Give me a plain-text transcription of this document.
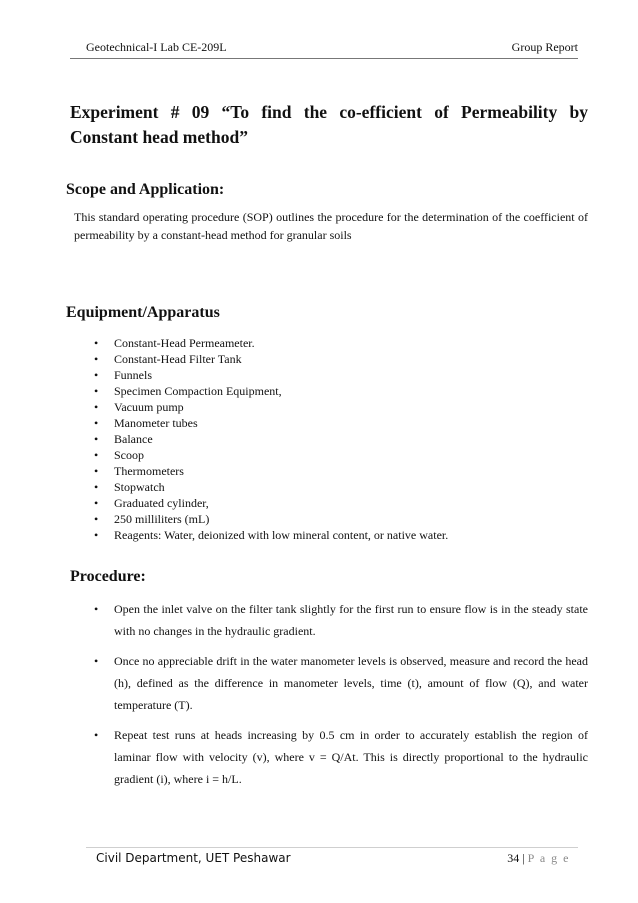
Geotechnical-I Lab CE-209L	Group Report
Experiment # 09 “To find the co-efficient of Permeability by Constant head method”
Scope and Application:
This standard operating procedure (SOP) outlines the procedure for the determination of the coefficient of permeability by a constant-head method for granular soils
Equipment/Apparatus
• Constant-Head Permeameter.
• Constant-Head Filter Tank
• Funnels
• Specimen Compaction Equipment,
• Vacuum pump
• Manometer tubes
• Balance
• Scoop
• Thermometers
• Stopwatch
• Graduated cylinder,
• 250 milliliters (mL)
• Reagents: Water, deionized with low mineral content, or native water.
Procedure:
• Open the inlet valve on the filter tank slightly for the first run to ensure flow is in the steady state with no changes in the hydraulic gradient.
• Once no appreciable drift in the water manometer levels is observed, measure and record the head (h), defined as the difference in manometer levels, time (t), amount of flow (Q), and water temperature (T).
• Repeat test runs at heads increasing by 0.5 cm in order to accurately establish the region of laminar flow with velocity (v), where v = Q/At. This is directly proportional to the hydraulic gradient (i), where i = h/L.
Civil Department, UET Peshawar	34 | P a g e
